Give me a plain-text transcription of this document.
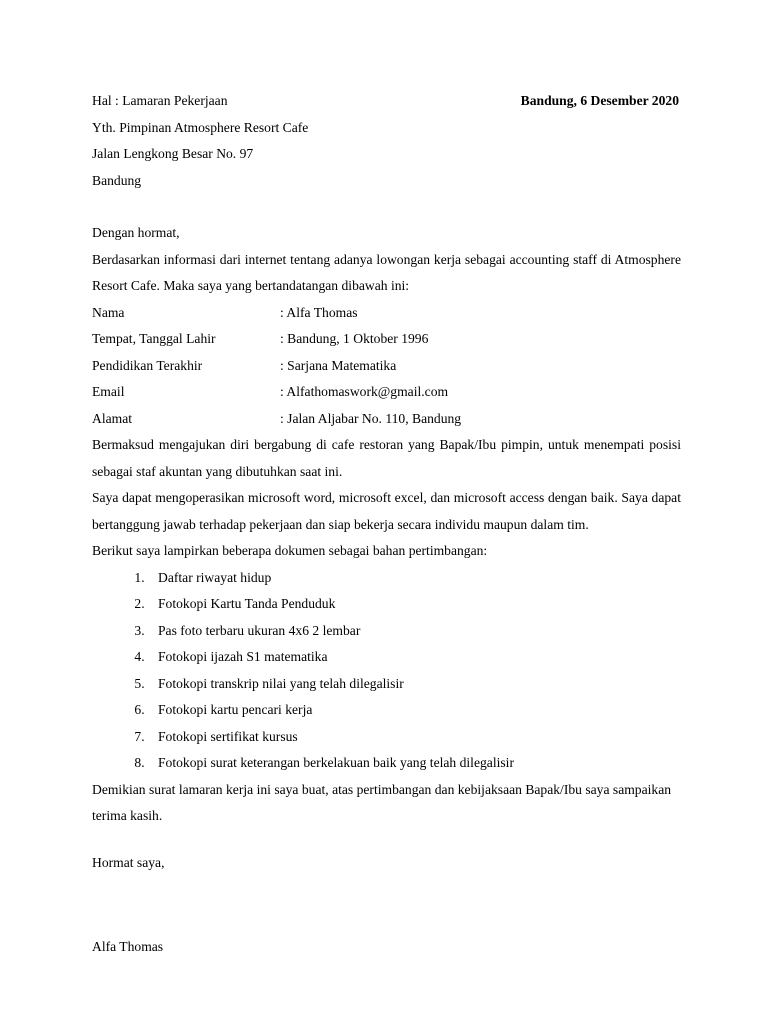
Hal : Lamaran Pekerjaan	Bandung, 6 Desember 2020
Yth. Pimpinan Atmosphere Resort Cafe
Jalan Lengkong Besar No. 97
Bandung

Dengan hormat,

Berdasarkan informasi dari internet tentang adanya lowongan kerja sebagai accounting staff di Atmosphere Resort Cafe. Maka saya yang bertandatangan dibawah ini:

Nama	: Alfa Thomas
Tempat, Tanggal Lahir	: Bandung, 1 Oktober 1996
Pendidikan Terakhir	: Sarjana Matematika
Email	: Alfathomaswork@gmail.com
Alamat	: Jalan Aljabar No. 110, Bandung

Bermaksud mengajukan diri bergabung di cafe restoran yang Bapak/Ibu pimpin, untuk menempati posisi sebagai staf akuntan yang dibutuhkan saat ini.

Saya dapat mengoperasikan microsoft word, microsoft excel, dan microsoft access dengan baik. Saya dapat bertanggung jawab terhadap pekerjaan dan siap bekerja secara individu maupun dalam tim.

Berikut saya lampirkan beberapa dokumen sebagai bahan pertimbangan:

1. Daftar riwayat hidup
2. Fotokopi Kartu Tanda Penduduk
3. Pas foto terbaru ukuran 4x6 2 lembar
4. Fotokopi ijazah S1 matematika
5. Fotokopi transkrip nilai yang telah dilegalisir
6. Fotokopi kartu pencari kerja
7. Fotokopi sertifikat kursus
8. Fotokopi surat keterangan berkelakuan baik yang telah dilegalisir

Demikian surat lamaran kerja ini saya buat, atas pertimbangan dan kebijaksaan Bapak/Ibu saya sampaikan terima kasih.

Hormat saya,

Alfa Thomas
